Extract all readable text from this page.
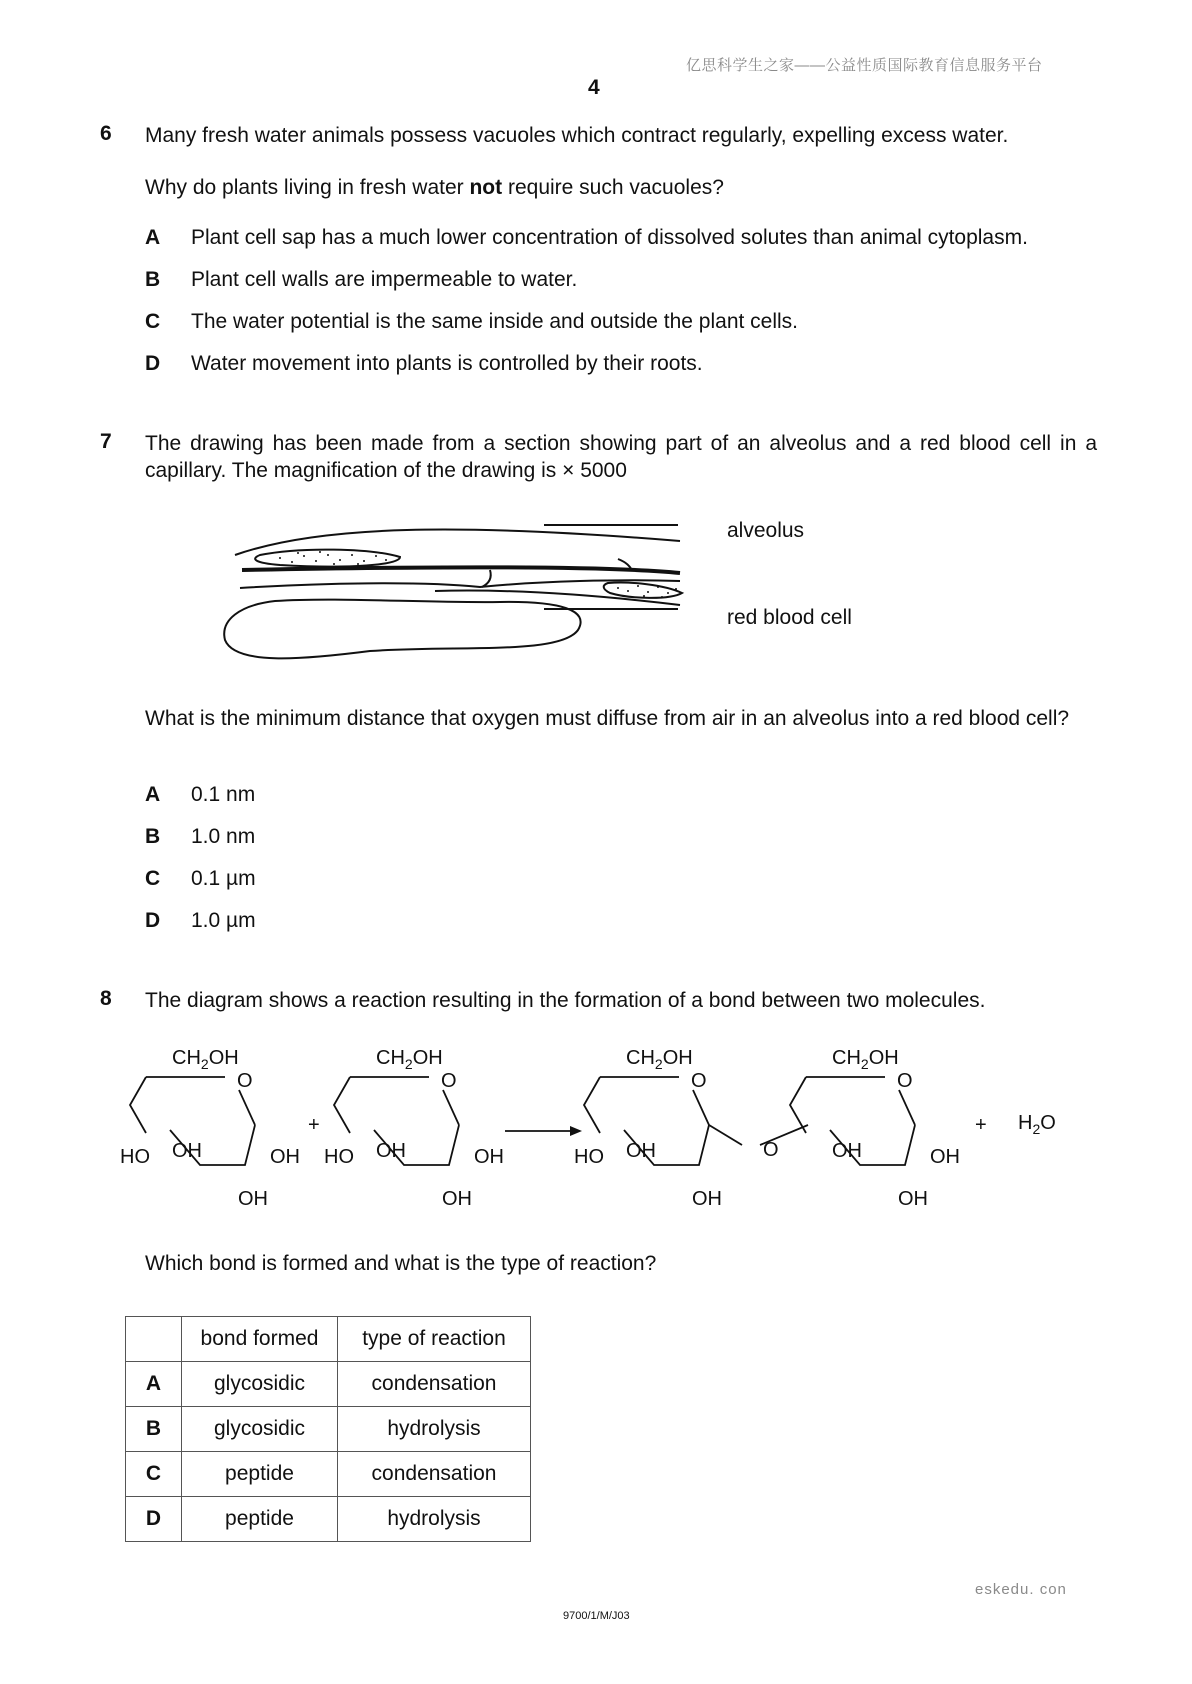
亿思科学生之家——公益性质国际教育信息服务平台
4
6 Many fresh water animals possess vacuoles which contract regularly, expelling excess water.
Why do plants living in fresh water not require such vacuoles?
A Plant cell sap has a much lower concentration of dissolved solutes than animal cytoplasm.
B Plant cell walls are impermeable to water.
C The water potential is the same inside and outside the plant cells.
D Water movement into plants is controlled by their roots.
7 The drawing has been made from a section showing part of an alveolus and a red blood cell in a capillary. The magnification of the drawing is × 5000
alveolus
red blood cell
What is the minimum distance that oxygen must diffuse from air in an alveolus into a red blood cell?
A 0.1 nm
B 1.0 nm
C 0.1 µm
D 1.0 µm
8 The diagram shows a reaction resulting in the formation of a bond between two molecules.
$CH_2OH$
O
HO OH	OH
OH
+
$CH_2OH$
O
HO OH	OH
OH
$CH_2OH$
O
HO OH
OH
O
$CH_2OH$
O
OH	OH
OH
+ $H_2O$
Which bond is formed and what is the type of reaction?
	bond formed	type of reaction
A	glycosidic	condensation
B	glycosidic	hydrolysis
C	peptide	condensation
D	peptide	hydrolysis
eskedu. con
9700/1/M/J03
